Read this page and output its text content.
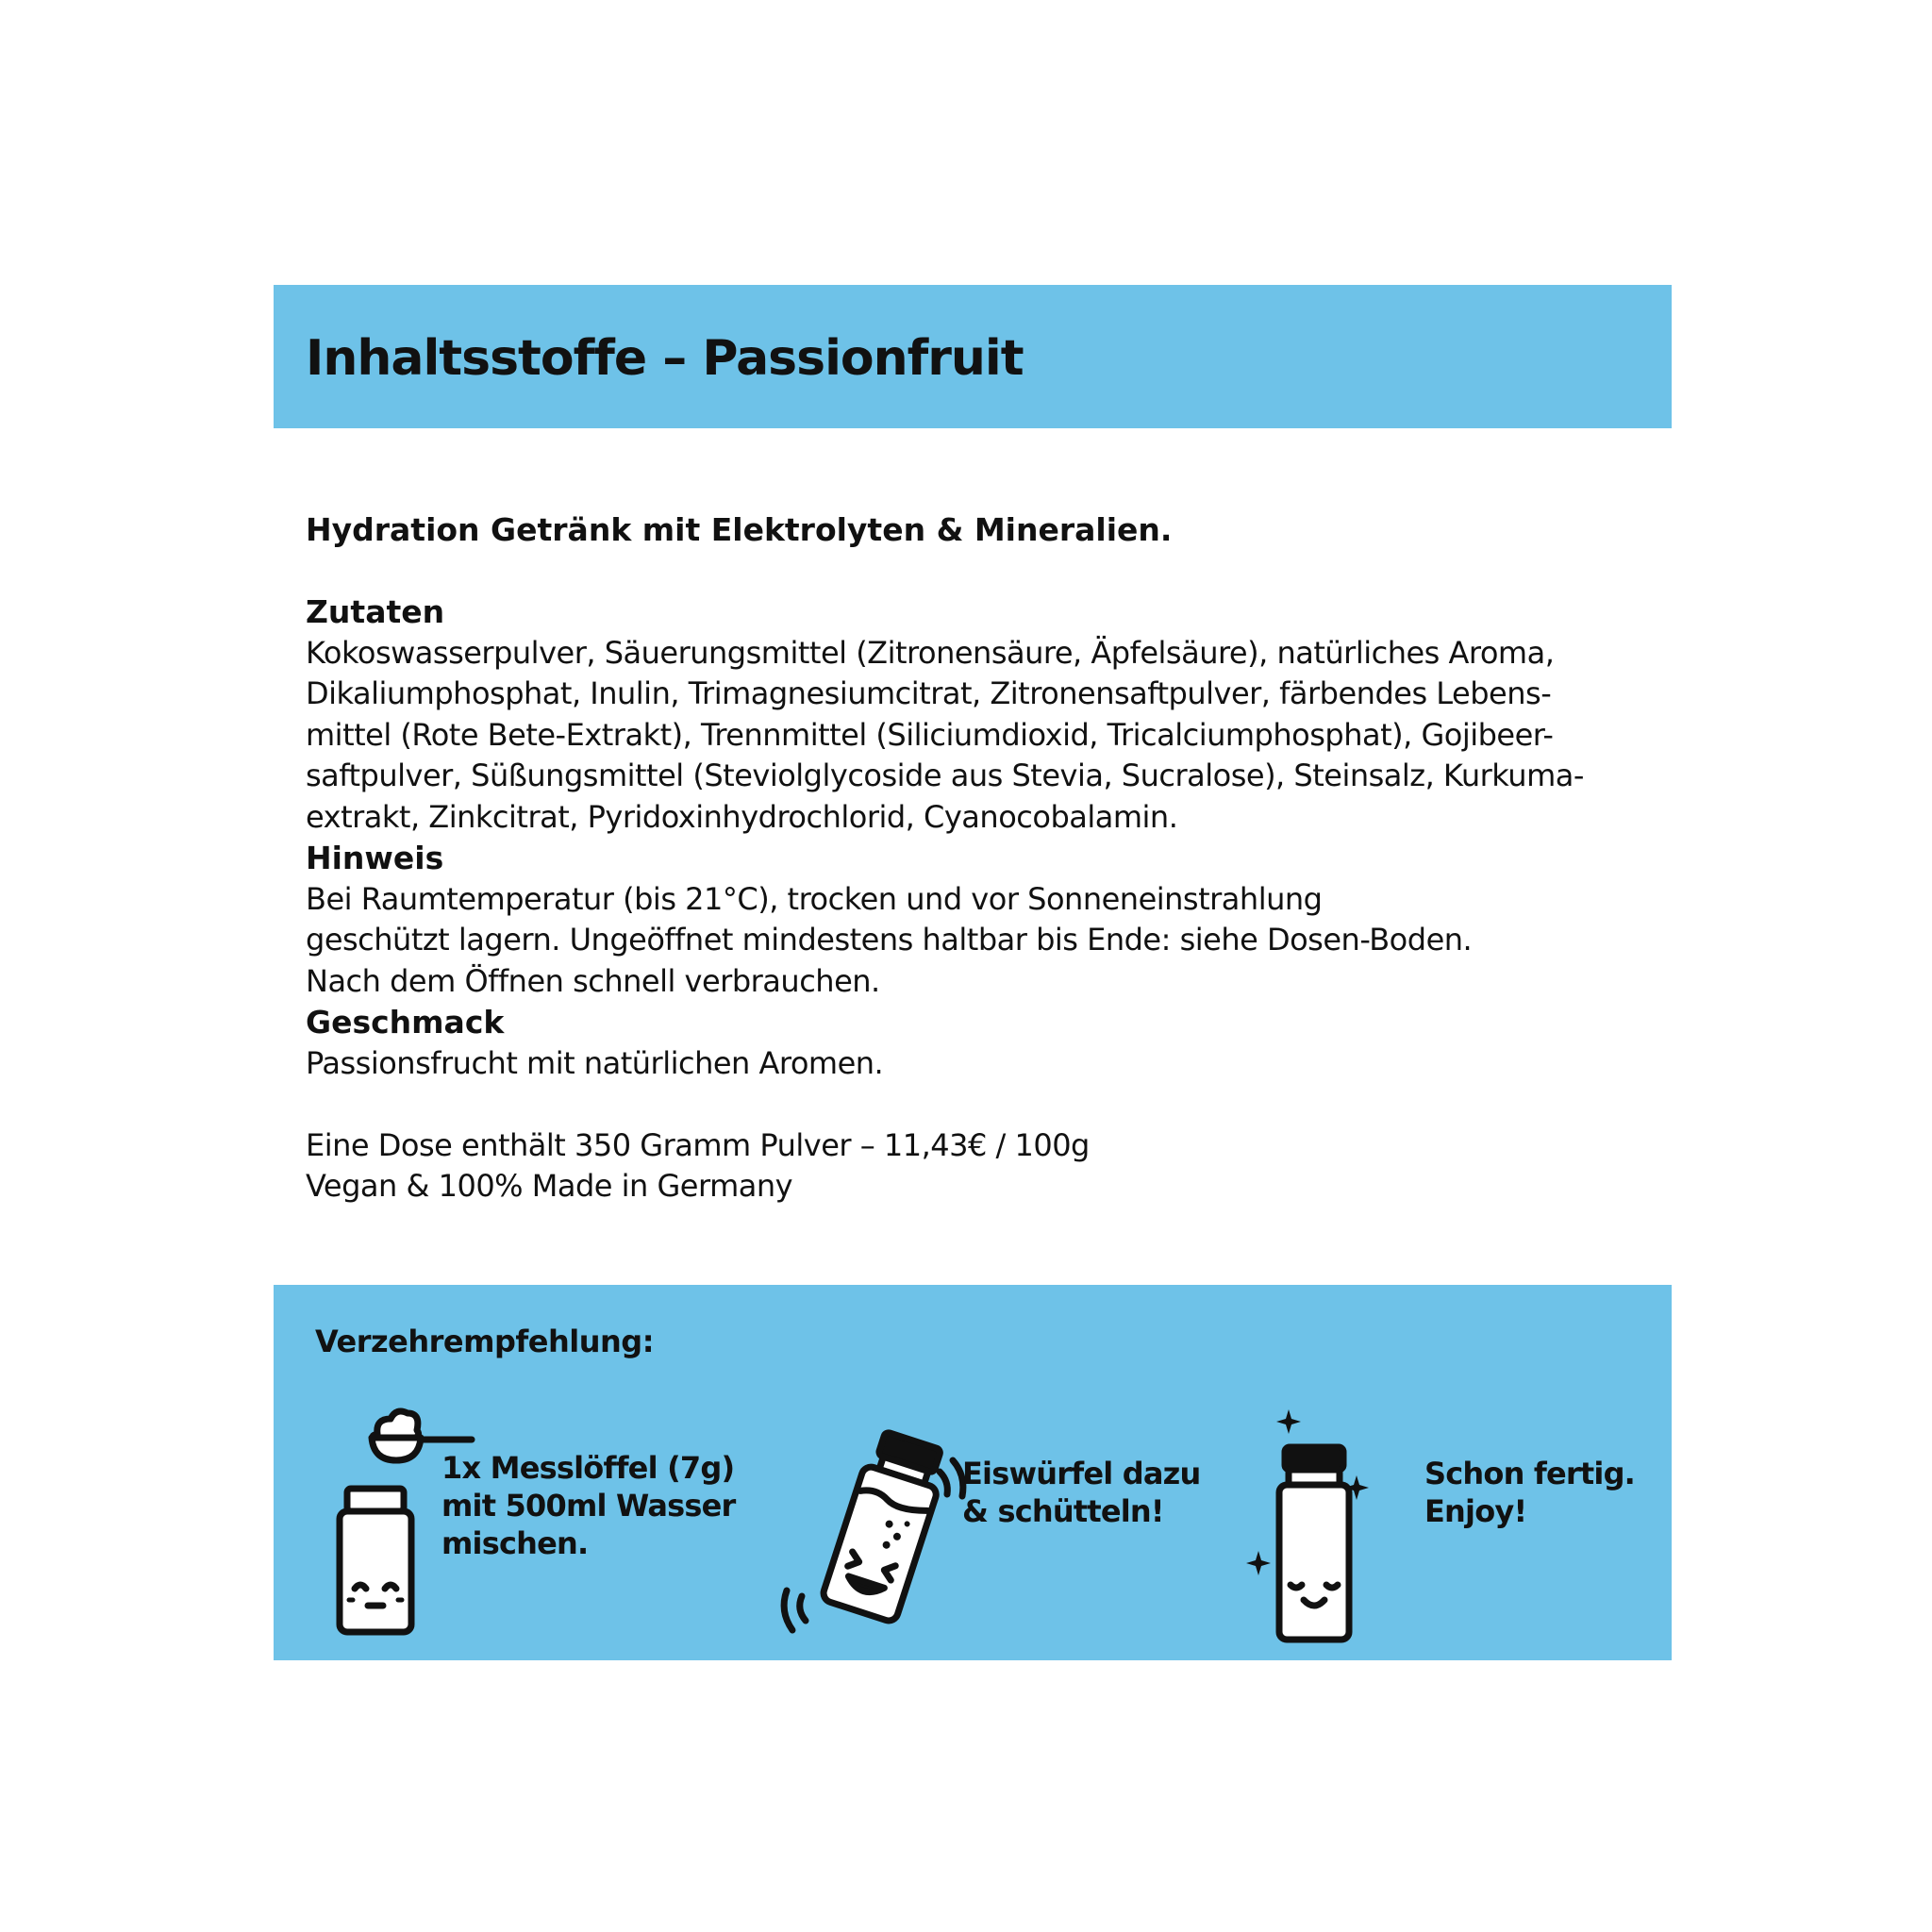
Inhaltsstoffe – Passionfruit

Hydration Getränk mit Elektrolyten & Mineralien.

Zutaten

Kokoswasserpulver, Säuerungsmittel (Zitronensäure, Äpfelsäure), natürliches Aroma,

Dikaliumphosphat, Inulin, Trimagnesiumcitrat, Zitronensaftpulver, färbendes Lebens-

mittel (Rote Bete-Extrakt), Trennmittel (Siliciumdioxid, Tricalciumphosphat), Gojibeer-

saftpulver, Süßungsmittel (Steviolglycoside aus Stevia, Sucralose), Steinsalz, Kurkuma-

extrakt, Zinkcitrat, Pyridoxinhydrochlorid, Cyanocobalamin.

Hinweis

Bei Raumtemperatur (bis 21°C), trocken und vor Sonneneinstrahlung

geschützt lagern. Ungeöffnet mindestens haltbar bis Ende: siehe Dosen-Boden.

Nach dem Öffnen schnell verbrauchen.

Geschmack

Passionsfrucht mit natürlichen Aromen.

Eine Dose enthält 350 Gramm Pulver – 11,43€ / 100g

Vegan & 100% Made in Germany

Verzehrempfehlung:

1x Messlöffel (7g)
mit 500ml Wasser
mischen.

Eiswürfel dazu
& schütteln!

Schon fertig.
Enjoy!
